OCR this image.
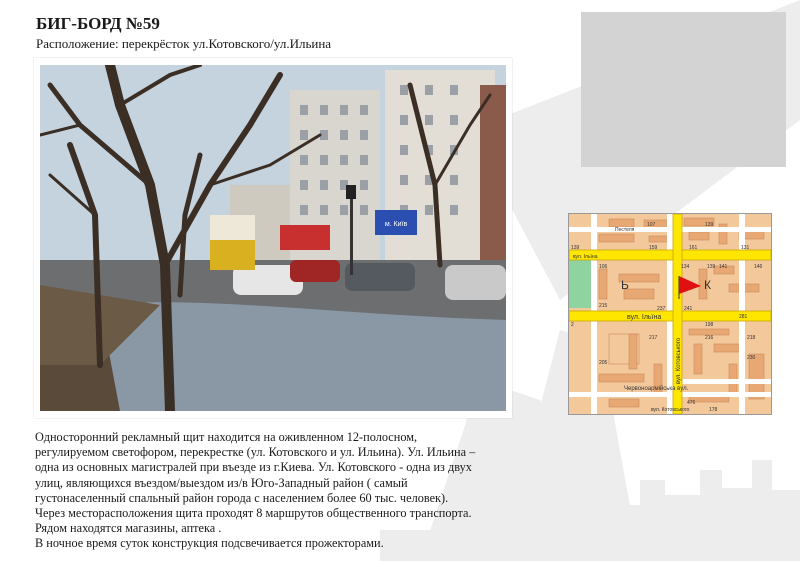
БИГ-БОРД №59
Расположение: перекрёсток ул.Котовского/ул.Ильина
м. Київ
вул. Ільїна
вул. Ільїна
Пестеля
вул. Котовського
Червоноармійська вул.
вул. Котовського
Ь	К
107	139
159	161	131
139
139
106	141
134	146
215	237	241
281
2	198
216	218
217
230
205
476
178

Односторонний рекламный щит находится на оживленном 12-полосном,

регулируемом светофором, перекрестке (ул. Котовского и ул. Ильина). Ул. Ильина –

одна из основных магистралей при въезде из г.Киева. Ул. Котовского - одна из двух

улиц, являющихся въездом/выездом из/в Юго-Западный район ( самый

густонаселенный спальный район города с населением более 60 тыс. человек).

Через месторасположения щита проходят 8 маршрутов общественного транспорта.

Рядом находятся магазины, аптека .

В ночное время суток конструкция подсвечивается прожекторами.
